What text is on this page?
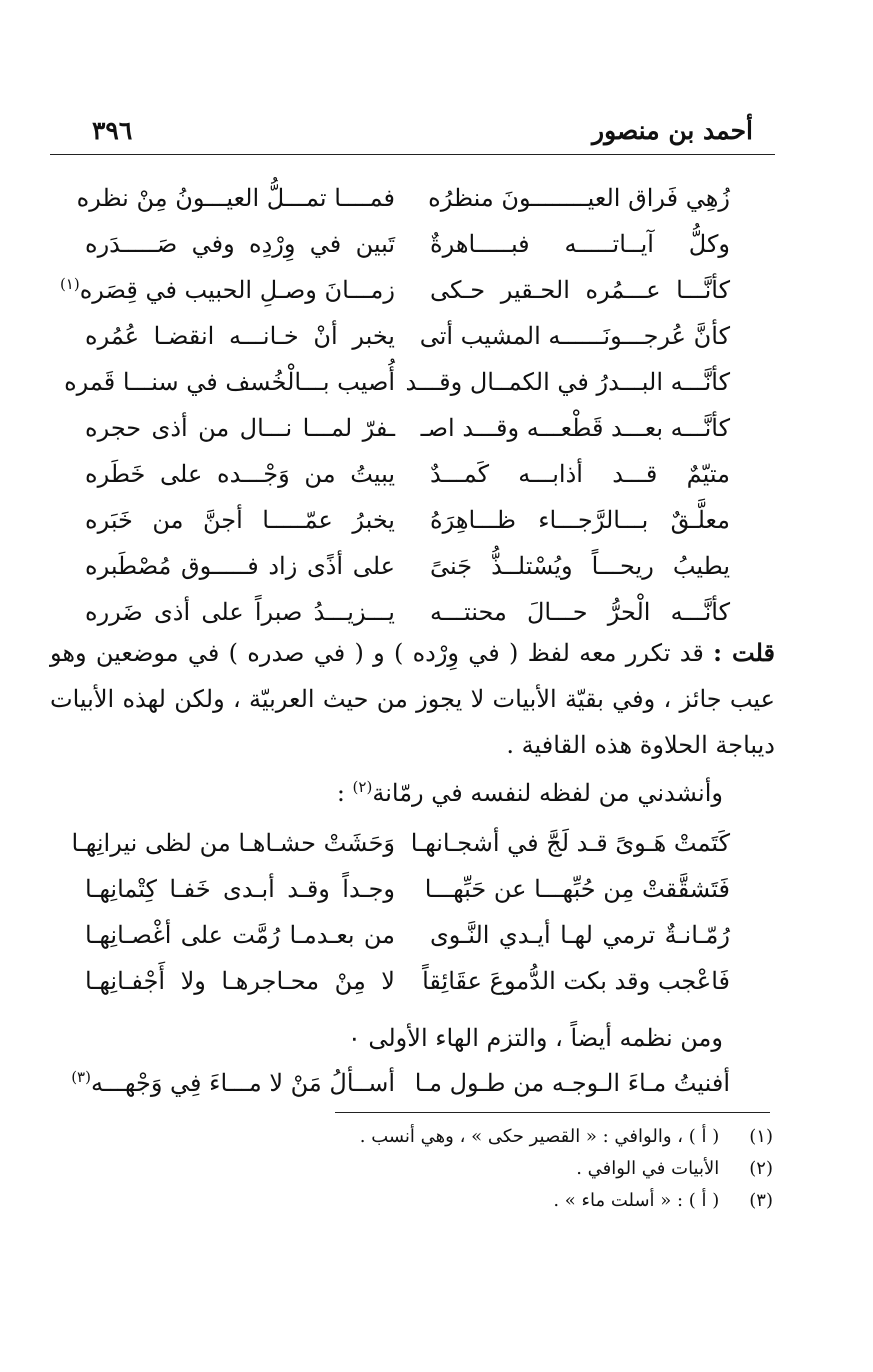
أحمد بن منصور
٣٩٦
زُهِي فَراق العيــــــــونَ منظرُه
فمــــا تمـــلُّ العيـــونُ مِنْ نظره
وكلُّ آيــاتـــــه فبـــــاهرةٌ
تَبين في وِرْدِه وفي صَـــــدَره
كأنَّـــا عـــمُره الحـقير حـكى
زمـــانَ وصـلِ الحبيب في قِصَره$^{(١)}$
كأنَّ عُرجـــونَــــــه المشيب أتى
يخبر أنْ خـانـــه انقضـا عُمُره
كأنَّـــه البـــدرُ في الكمــال وقـــد
أُصيب بـــالْخُسف في سنـــا قَمره
كأنَّـــه بعـــد قَطْعـــه وقـــد اصـ
ـفرّ لمـــا نـــال من أذى حجره
متيّمٌ قـــد أذابـــه كَمـــدٌ
يبيتُ من وَجْـــده على خَطَره
معلَّـقٌ بـــالرَّجـــاء ظـــاهِرَهُ
يخبرُ عمّـــــا أجنَّ من خَبَره
يطيبُ ريحـــاً ويُسْتلــذُّ جَنىً
على أذًى زاد فـــــوق مُصْطَبره
كأنَّـــه الْحرُّ حـــالَ محنتـــه
يـــزيـــدُ صبراً على أذى ضَرره
قلت : قد تكرر معه لفظ ( في وِرْده ) و ( في صدره ) في موضعين وهو عيب جائز ، وفي بقيّة الأبيات لا يجوز من حيث العربيّة ، ولكن لهذه الأبيات ديباجة الحلاوة هذه القافية .
وأنشدني من لفظه لنفسه في رمّانة$^{(٢)}$ :
كَتَمتْ هَـوىً قـد لَجَّ في أشجـانهـا
وَحَشَتْ حشـاهـا من لظى نيرانِهـا
فَتَشقَّقتْ مِن حُبِّهـــا عن حَبِّهـــا
وجـداً وقـد أبـدى خَفـا كِتْمانِهـا
رُمّـانـةٌ ترمي لهـا أيـدي النَّـوى
من بعـدمـا رُمَّت على أغْصـانِهـا
فَاعْجب وقد بكت الدُّموعَ عقَائِقاً
لا مِنْ محـاجرهـا ولا أَجْفـانِهـا
ومن نظمه أيضاً ، والتزم الهاء الأولى ٠
أفنيتُ مـاءَ الـوجـه من طـول مـا
أســألُ مَنْ لا مـــاءَ فِي وَجْهـــه$^{(٣)}$
(١) ( أ ) ، والوافي : « القصير حكى » ، وهي أنسب .
(٢) الأبيات في الوافي .
(٣) ( أ ) : « أسلت ماء » .
